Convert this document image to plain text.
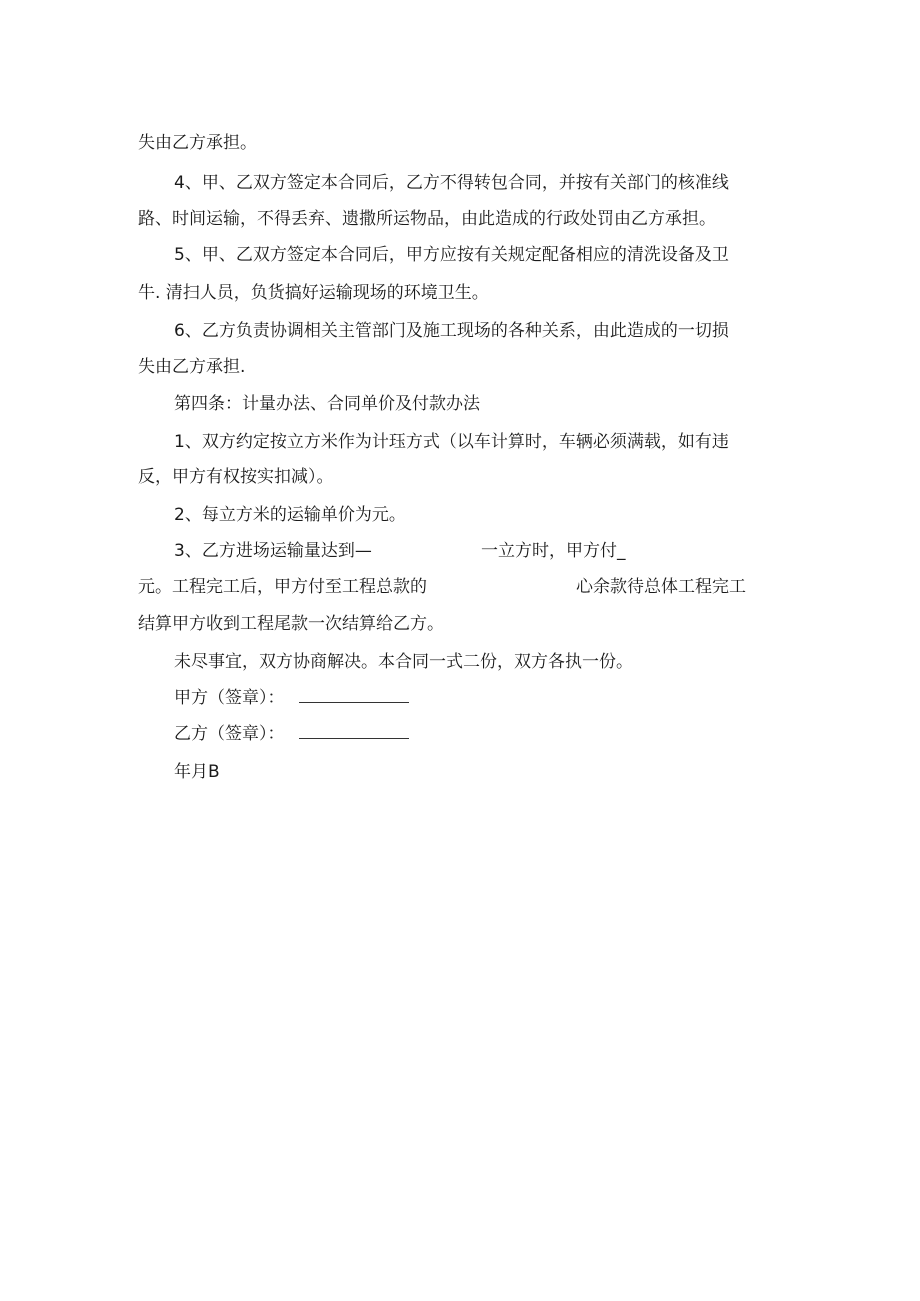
失由乙方承担。
4、甲、乙双方签定本合同后，乙方不得转包合同，并按有关部门的核准线
路、时间运输，不得丢弃、遗撒所运物品，由此造成的行政处罚由乙方承担。
5、甲、乙双方签定本合同后，甲方应按有关规定配备相应的清洗设备及卫
牛. 清扫人员，负货搞好运输现场的环境卫生。
6、乙方负责协调相关主管部门及施工现场的各种关系，由此造成的一切损
失由乙方承担.
第四条：计量办法、合同单价及付款办法
1、双方约定按立方米作为计珏方式（以车计算时，车辆必须满载，如有违
反，甲方有权按实扣减）。
2、每立方米的运输单价为元。
3、乙方进场运输量达到—	一立方时，甲方付_
元。工程完工后，甲方付至工程总款的	心余款待总体工程完工
结算甲方收到工程尾款一次结算给乙方。
未尽事宜，双方协商解决。本合同一式二份，双方各执一份。
甲方（签章）：
乙方（签章）：
年月B
